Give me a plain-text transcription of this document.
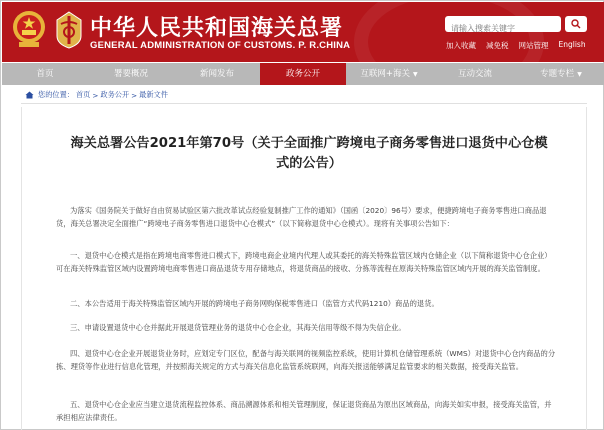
中华人民共和国海关总署
GENERAL ADMINISTRATION OF CUSTOMS. P. R.CHINA
请输入搜索关键字	加入收藏 减免税 网站管理 English
首页	署要概况	新闻发布	政务公开	互联网+海关 ▼	互动交流	专题专栏 ▼
您的位置： 首页 > 政务公开 > 最新文件
海关总署公告2021年第70号（关于全面推广跨境电子商务零售进口退货中心仓模式的公告）

为落实《国务院关于做好自由贸易试验区第六批改革试点经验复制推广工作的通知》（国函〔2020〕96号）要求，便捷跨境电子商务零售进口商品退货，海关总署决定全面推广“跨境电子商务零售进口退货中心仓模式”（以下简称退货中心仓模式）。现将有关事项公告如下：

一、退货中心仓模式是指在跨境电商零售进口模式下，跨境电商企业境内代理人或其委托的海关特殊监管区域内仓储企业（以下简称退货中心仓企业）可在海关特殊监管区域内设置跨境电商零售进口商品退货专用存储地点，将退货商品的接收、分拣等流程在原海关特殊监管区域内开展的海关监管制度。

二、本公告适用于海关特殊监管区域内开展的跨境电子商务网购保税零售进口（监管方式代码1210）商品的退货。

三、申请设置退货中心仓并据此开展退货管理业务的退货中心仓企业，其海关信用等级不得为失信企业。

四、退货中心仓企业开展退货业务时，应划定专门区位，配备与海关联网的视频监控系统，使用计算机仓储管理系统（WMS）对退货中心仓内商品的分拣、理货等作业进行信息化管理，并按照海关规定的方式与海关信息化监管系统联网，向海关报送能够满足监管要求的相关数据，接受海关监管。

五、退货中心仓企业应当建立退货流程监控体系、商品溯源体系和相关管理制度，保证退货商品为原出区域商品，向海关如实申报，接受海关监管，并承担相应法律责任。
